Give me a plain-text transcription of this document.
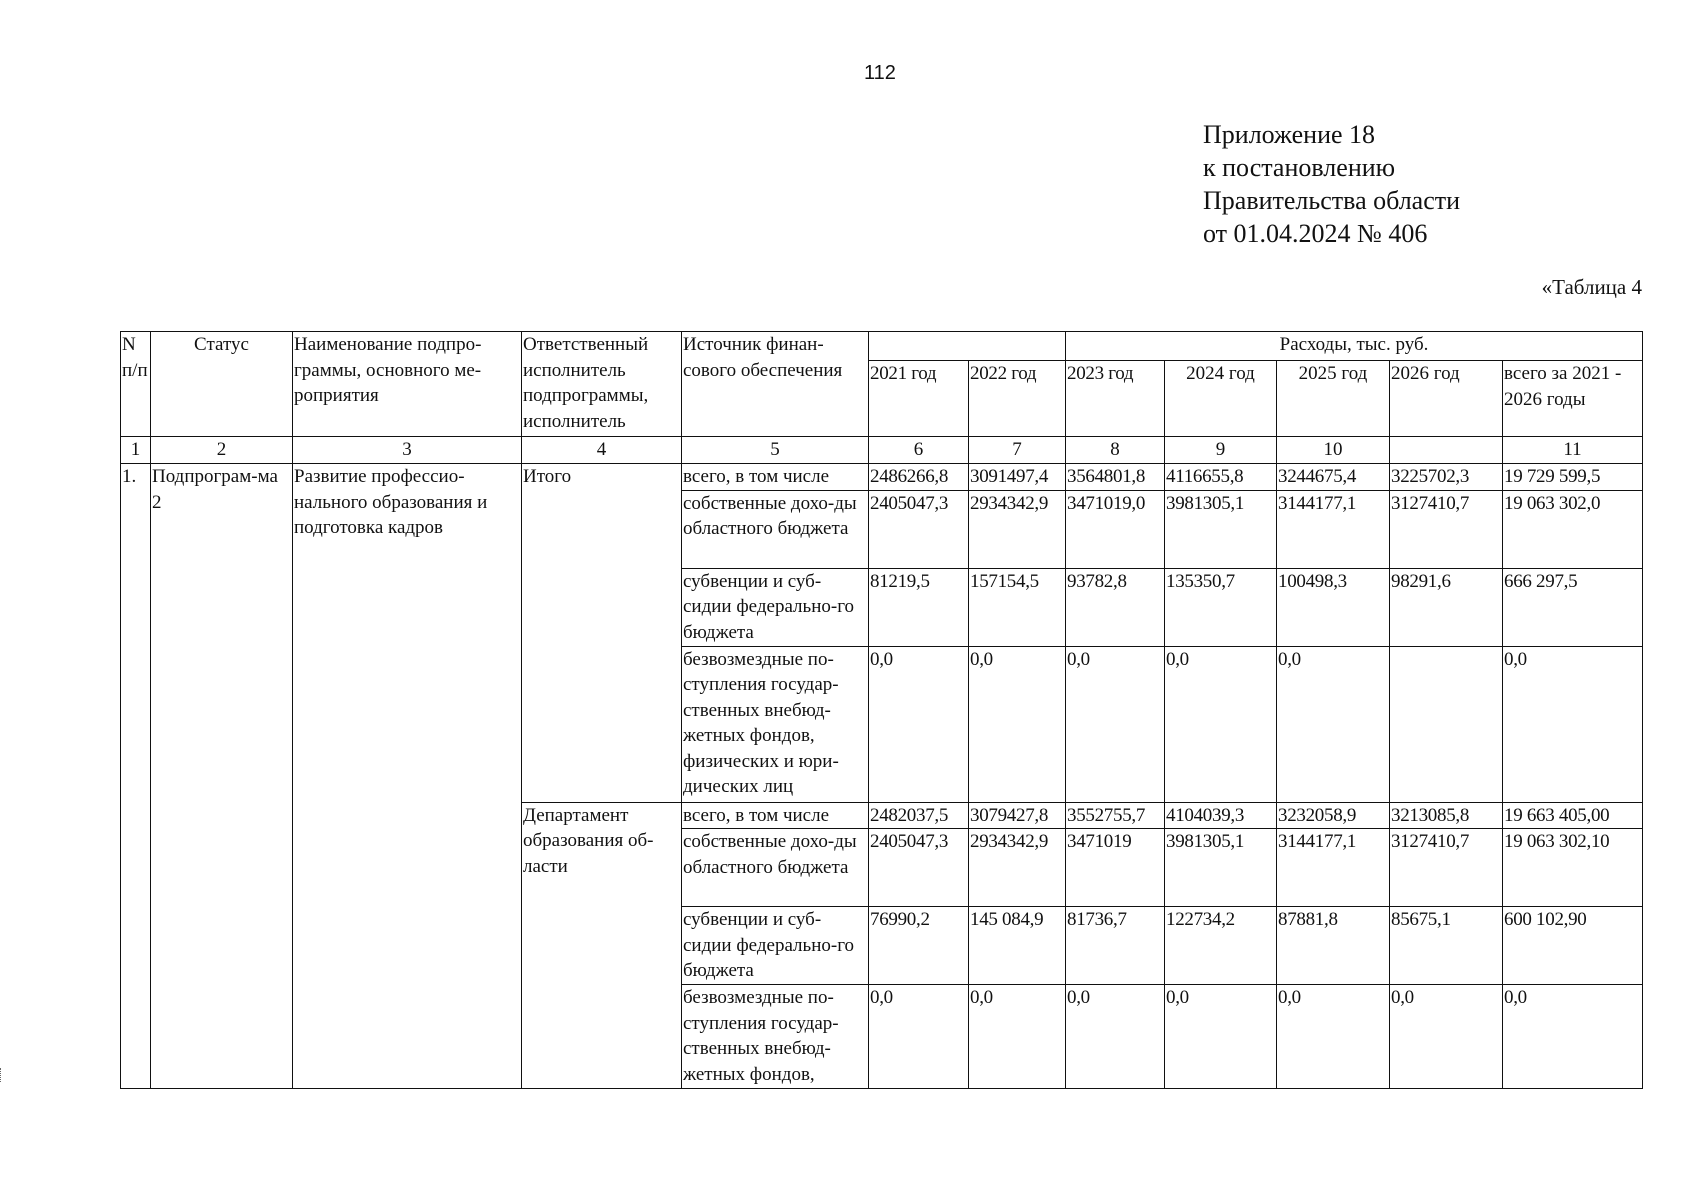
112
Приложение 18
к постановлению
Правительства области
от 01.04.2024 № 406
«Таблица 4
N п/п	Статус	Наименование подпро-граммы, основного ме-роприятия	Ответственный исполнитель подпрограммы, исполнитель	Источник финан-сового обеспечения			Расходы, тыс. руб.				
					2021 год	2022 год	2023 год	2024 год	2025 год	2026 год	всего за 2021 - 2026 годы
1	2	3	4	5	6	7	8	9	10		11
1.	Подпрограм-ма 2	Развитие профессио-нального образования и подготовка кадров	Итого	всего, в том числе	2486266,8	3091497,4	3564801,8	4116655,8	3244675,4	3225702,3	19 729 599,5
				собственные дохо-ды областного бюджета	2405047,3	2934342,9	3471019,0	3981305,1	3144177,1	3127410,7	19 063 302,0
				субвенции и суб-сидии федерально-го бюджета	81219,5	157154,5	93782,8	135350,7	100498,3	98291,6	666 297,5
				безвозмездные по-ступления государ-ственных внебюд-жетных фондов, физических и юри-дических лиц	0,0	0,0	0,0	0,0	0,0		0,0
			Департамент образования об-ласти	всего, в том числе	2482037,5	3079427,8	3552755,7	4104039,3	3232058,9	3213085,8	19 663 405,00
				собственные дохо-ды областного бюджета	2405047,3	2934342,9	3471019	3981305,1	3144177,1	3127410,7	19 063 302,10
				субвенции и суб-сидии федерально-го бюджета	76990,2	145 084,9	81736,7	122734,2	87881,8	85675,1	600 102,90
				безвозмездные по-ступления государ-ственных внебюд-жетных фондов,	0,0	0,0	0,0	0,0	0,0	0,0	0,0
